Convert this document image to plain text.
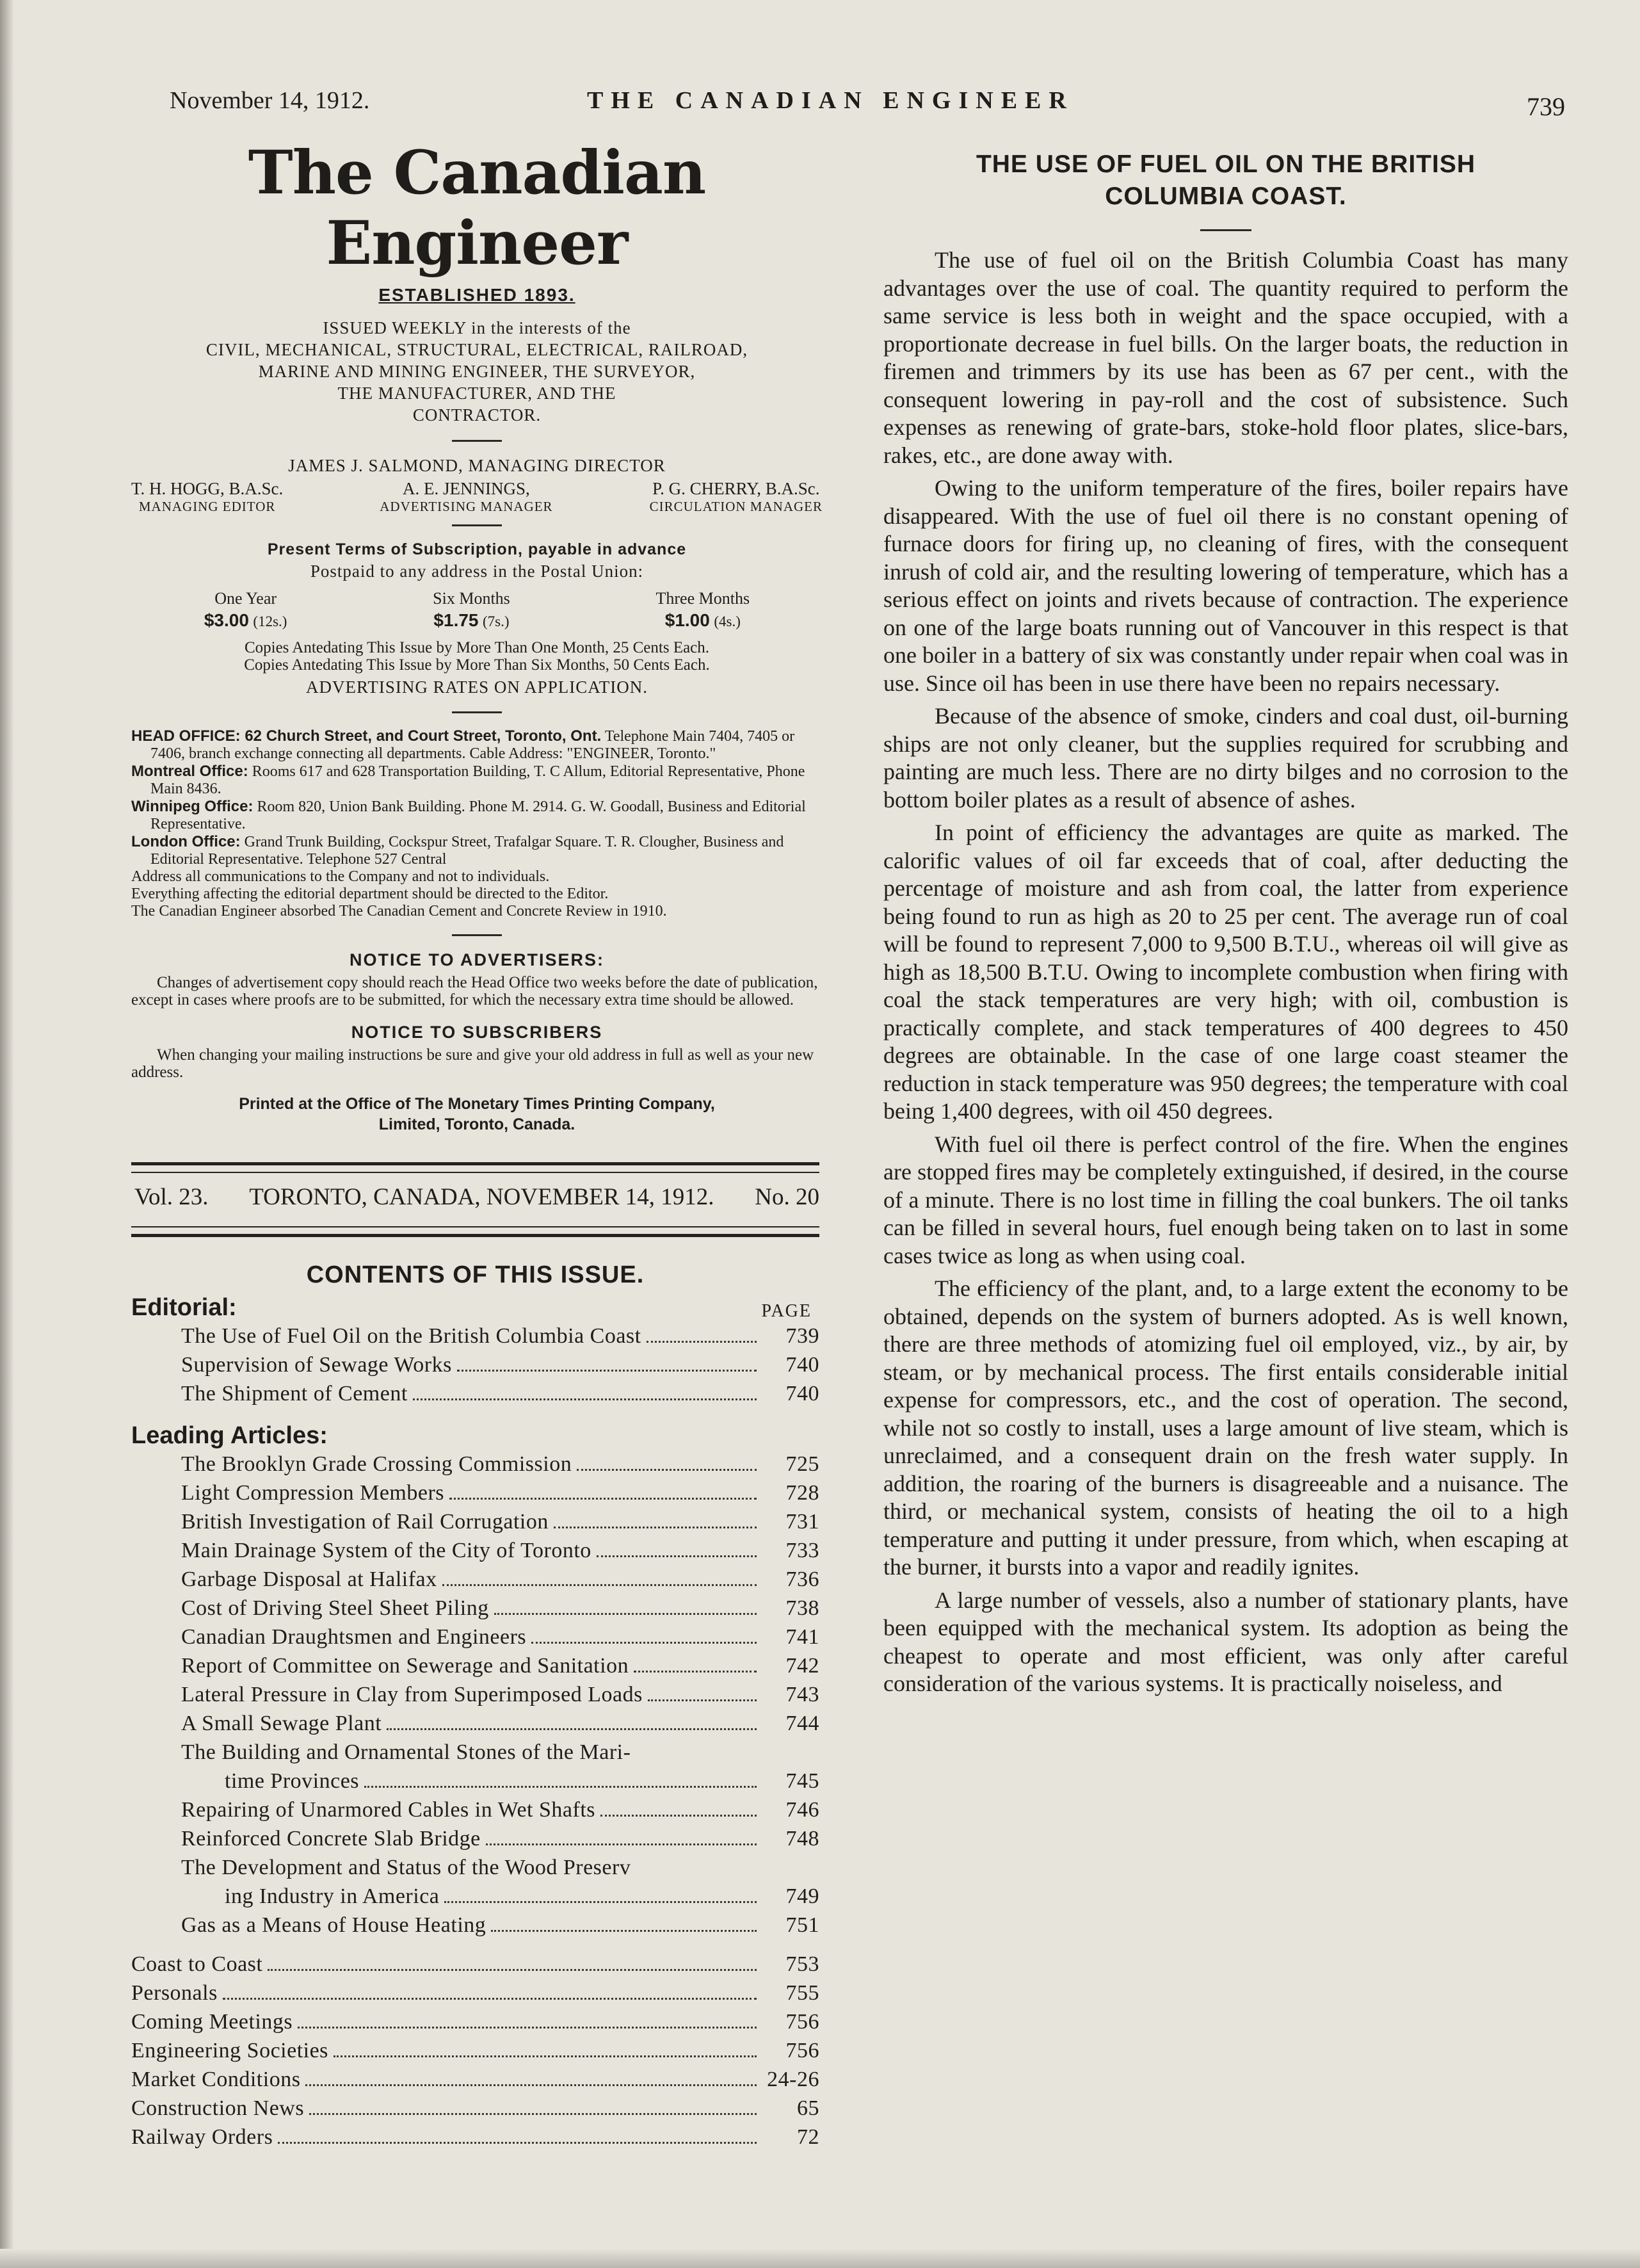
November 14, 1912.	THE CANADIAN ENGINEER	739
The Canadian Engineer
ESTABLISHED 1893.
ISSUED WEEKLY in the interests of the
CIVIL, MECHANICAL, STRUCTURAL, ELECTRICAL, RAILROAD,
MARINE AND MINING ENGINEER, THE SURVEYOR,
THE MANUFACTURER, AND THE
CONTRACTOR.
JAMES J. SALMOND, MANAGING DIRECTOR
T. H. HOGG, B.A.Sc.
MANAGING EDITOR
A. E. JENNINGS,
ADVERTISING MANAGER
P. G. CHERRY, B.A.Sc.
CIRCULATION MANAGER
Present Terms of Subscription, payable in advance
Postpaid to any address in the Postal Union:
One Year
$3.00 (12s.)
Six Months
$1.75 (7s.)
Three Months
$1.00 (4s.)
Copies Antedating This Issue by More Than One Month, 25 Cents Each.
Copies Antedating This Issue by More Than Six Months, 50 Cents Each.
ADVERTISING RATES ON APPLICATION.
HEAD OFFICE: 62 Church Street, and Court Street, Toronto, Ont. Telephone Main 7404, 7405 or 7406, branch exchange connecting all departments. Cable Address: "ENGINEER, Toronto."
Montreal Office: Rooms 617 and 628 Transportation Building, T. C Allum, Editorial Representative, Phone Main 8436.
Winnipeg Office: Room 820, Union Bank Building. Phone M. 2914. G. W. Goodall, Business and Editorial Representative.
London Office: Grand Trunk Building, Cockspur Street, Trafalgar Square. T. R. Clougher, Business and Editorial Representative. Telephone 527 Central
Address all communications to the Company and not to individuals.
Everything affecting the editorial department should be directed to the Editor.
The Canadian Engineer absorbed The Canadian Cement and Concrete Review in 1910.
NOTICE TO ADVERTISERS:
Changes of advertisement copy should reach the Head Office two weeks before the date of publication, except in cases where proofs are to be submitted, for which the necessary extra time should be allowed.
NOTICE TO SUBSCRIBERS
When changing your mailing instructions be sure and give your old address in full as well as your new address.
Printed at the Office of The Monetary Times Printing Company,
Limited, Toronto, Canada.
Vol. 23. TORONTO, CANADA, NOVEMBER 14, 1912. No. 20
CONTENTS OF THIS ISSUE.
Editorial:	PAGE
The Use of Fuel Oil on the British Columbia Coast	739
Supervision of Sewage Works	740
The Shipment of Cement	740
Leading Articles:
The Brooklyn Grade Crossing Commission	725
Light Compression Members	728
British Investigation of Rail Corrugation	731
Main Drainage System of the City of Toronto	733
Garbage Disposal at Halifax	736
Cost of Driving Steel Sheet Piling	738
Canadian Draughtsmen and Engineers	741
Report of Committee on Sewerage and Sanitation	742
Lateral Pressure in Clay from Superimposed Loads	743
A Small Sewage Plant	744
The Building and Ornamental Stones of the Mari-
time Provinces	745
Repairing of Unarmored Cables in Wet Shafts	746
Reinforced Concrete Slab Bridge	748
The Development and Status of the Wood Preserv
ing Industry in America	749
Gas as a Means of House Heating	751
Coast to Coast	753
Personals	755
Coming Meetings	756
Engineering Societies	756
Market Conditions	24-26
Construction News	65
Railway Orders	72
THE USE OF FUEL OIL ON THE BRITISH
COLUMBIA COAST.

The use of fuel oil on the British Columbia Coast has many advantages over the use of coal. The quantity required to perform the same service is less both in weight and the space occupied, with a proportionate decrease in fuel bills. On the larger boats, the reduction in firemen and trimmers by its use has been as 67 per cent., with the consequent lowering in pay-roll and the cost of subsistence. Such expenses as renewing of grate-bars, stoke-hold floor plates, slice-bars, rakes, etc., are done away with.

Owing to the uniform temperature of the fires, boiler repairs have disappeared. With the use of fuel oil there is no constant opening of furnace doors for firing up, no cleaning of fires, with the consequent inrush of cold air, and the resulting lowering of temperature, which has a serious effect on joints and rivets because of contraction. The experience on one of the large boats running out of Vancouver in this respect is that one boiler in a battery of six was constantly under repair when coal was in use. Since oil has been in use there have been no repairs necessary.

Because of the absence of smoke, cinders and coal dust, oil-burning ships are not only cleaner, but the supplies required for scrubbing and painting are much less. There are no dirty bilges and no corrosion to the bottom boiler plates as a result of absence of ashes.

In point of efficiency the advantages are quite as marked. The calorific values of oil far exceeds that of coal, after deducting the percentage of moisture and ash from coal, the latter from experience being found to run as high as 20 to 25 per cent. The average run of coal will be found to represent 7,000 to 9,500 B.T.U., whereas oil will give as high as 18,500 B.T.U. Owing to incomplete combustion when firing with coal the stack temperatures are very high; with oil, combustion is practically complete, and stack temperatures of 400 degrees to 450 degrees are obtainable. In the case of one large coast steamer the reduction in stack temperature was 950 degrees; the temperature with coal being 1,400 degrees, with oil 450 degrees.

With fuel oil there is perfect control of the fire. When the engines are stopped fires may be completely extinguished, if desired, in the course of a minute. There is no lost time in filling the coal bunkers. The oil tanks can be filled in several hours, fuel enough being taken on to last in some cases twice as long as when using coal.

The efficiency of the plant, and, to a large extent the economy to be obtained, depends on the system of burners adopted. As is well known, there are three methods of atomizing fuel oil employed, viz., by air, by steam, or by mechanical process. The first entails considerable initial expense for compressors, etc., and the cost of operation. The second, while not so costly to install, uses a large amount of live steam, which is unreclaimed, and a consequent drain on the fresh water supply. In addition, the roaring of the burners is disagreeable and a nuisance. The third, or mechanical system, consists of heating the oil to a high temperature and putting it under pressure, from which, when escaping at the burner, it bursts into a vapor and readily ignites.

A large number of vessels, also a number of stationary plants, have been equipped with the mechanical system. Its adoption as being the cheapest to operate and most efficient, was only after careful consideration of the various systems. It is practically noiseless, and
